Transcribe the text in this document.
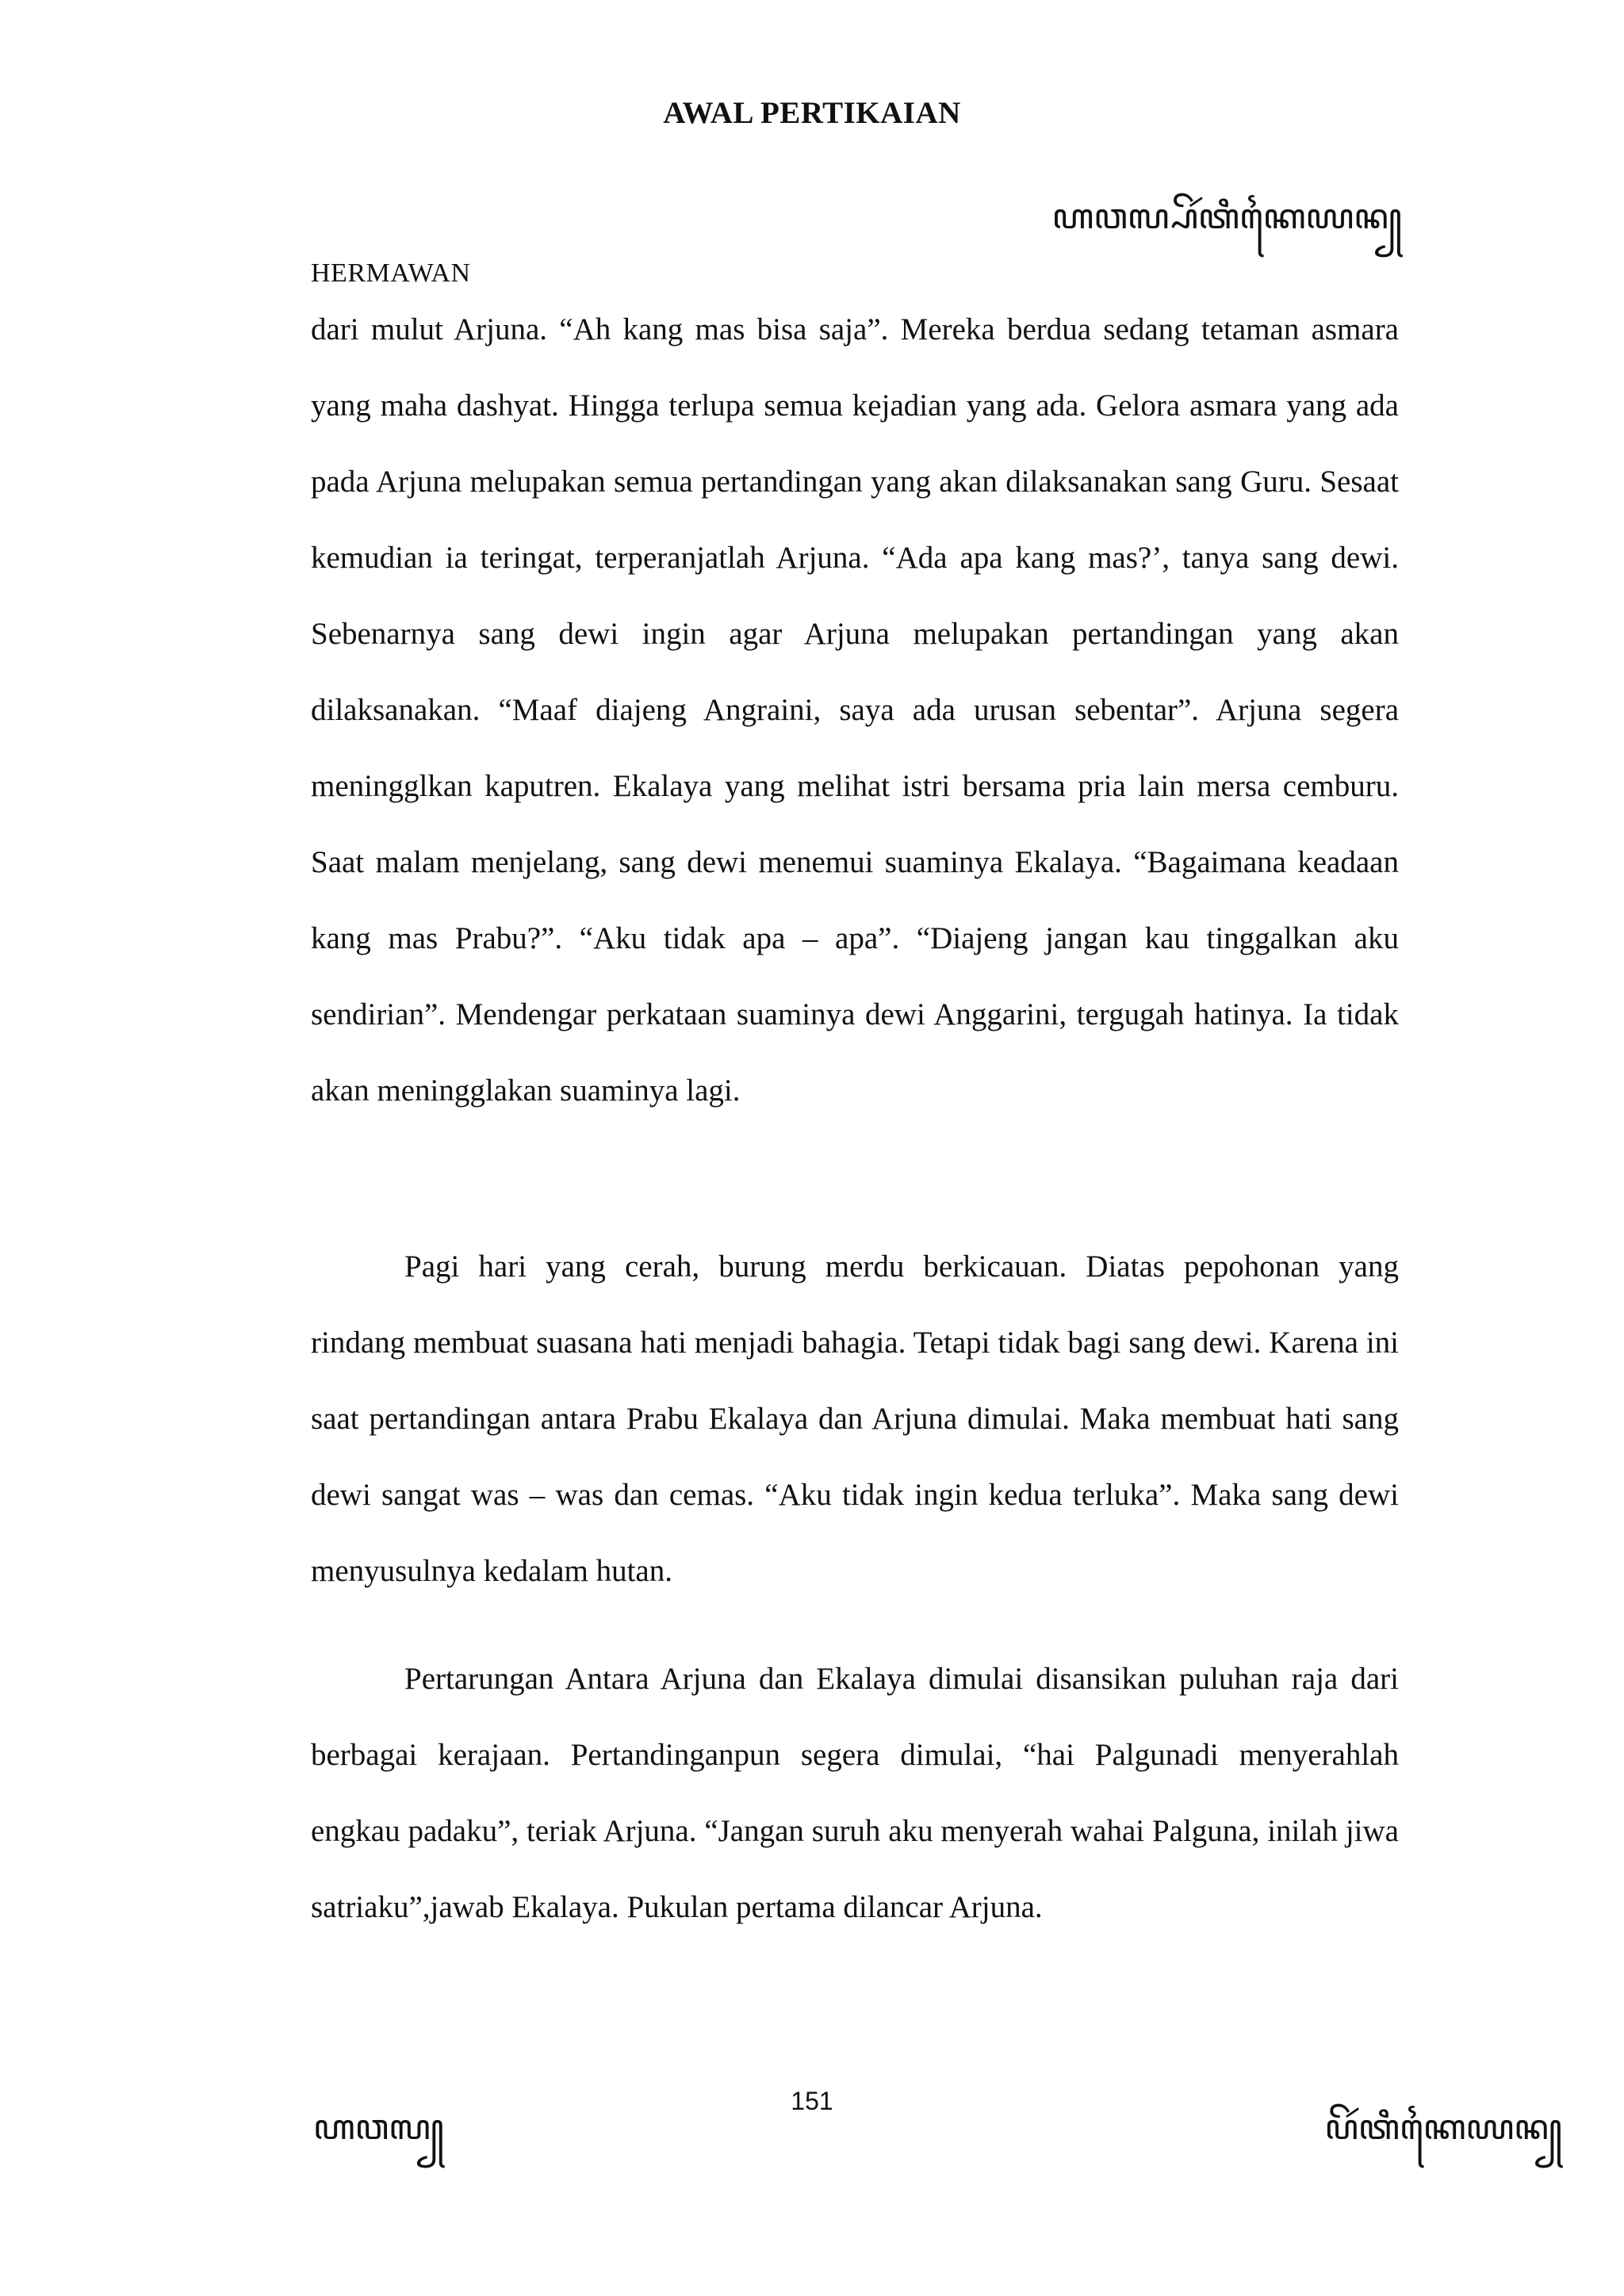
AWAL PERTIKAIAN
ꦲꦮꦭ꧀ꦥꦼꦂꦠꦶꦏꦻꦪꦤ꧀
HERMAWAN

dari mulut Arjuna. “Ah kang mas bisa saja”. Mereka berdua sedang tetaman asmara yang maha dashyat. Hingga terlupa semua kejadian yang ada. Gelora asmara yang ada pada Arjuna melupakan semua pertandingan yang akan dilaksanakan sang Guru. Sesaat kemudian ia teringat, terperanjatlah Arjuna. “Ada apa kang mas?’, tanya sang dewi. Sebenarnya sang dewi ingin agar Arjuna melupakan pertandingan yang akan dilaksanakan. “Maaf diajeng Angraini, saya ada urusan sebentar”. Arjuna segera meningglkan kaputren. Ekalaya yang melihat istri bersama pria lain mersa cemburu. Saat malam menjelang, sang dewi menemui suaminya Ekalaya. “Bagaimana keadaan kang mas Prabu?”. “Aku tidak apa – apa”. “Diajeng jangan kau tinggalkan aku sendirian”. Mendengar perkataan suaminya dewi Anggarini, tergugah hatinya. Ia tidak akan meningglakan suaminya lagi.

Pagi hari yang cerah, burung merdu berkicauan. Diatas pepohonan yang rindang membuat suasana hati menjadi bahagia. Tetapi tidak bagi sang dewi. Karena ini saat pertandingan antara Prabu Ekalaya dan Arjuna dimulai. Maka membuat hati sang dewi sangat was – was dan cemas. “Aku tidak ingin kedua terluka”. Maka sang dewi menyusulnya kedalam hutan.

Pertarungan Antara Arjuna dan Ekalaya dimulai disansikan puluhan raja dari berbagai kerajaan. Pertandinganpun segera dimulai, “hai Palgunadi menyerahlah engkau padaku”, teriak Arjuna. “Jangan suruh aku menyerah wahai Palguna, inilah jiwa satriaku”,jawab Ekalaya. Pukulan pertama dilancar Arjuna.

151
ꦲꦮꦭ꧀	ꦥꦼꦂꦠꦶꦏꦻꦪꦤ꧀
